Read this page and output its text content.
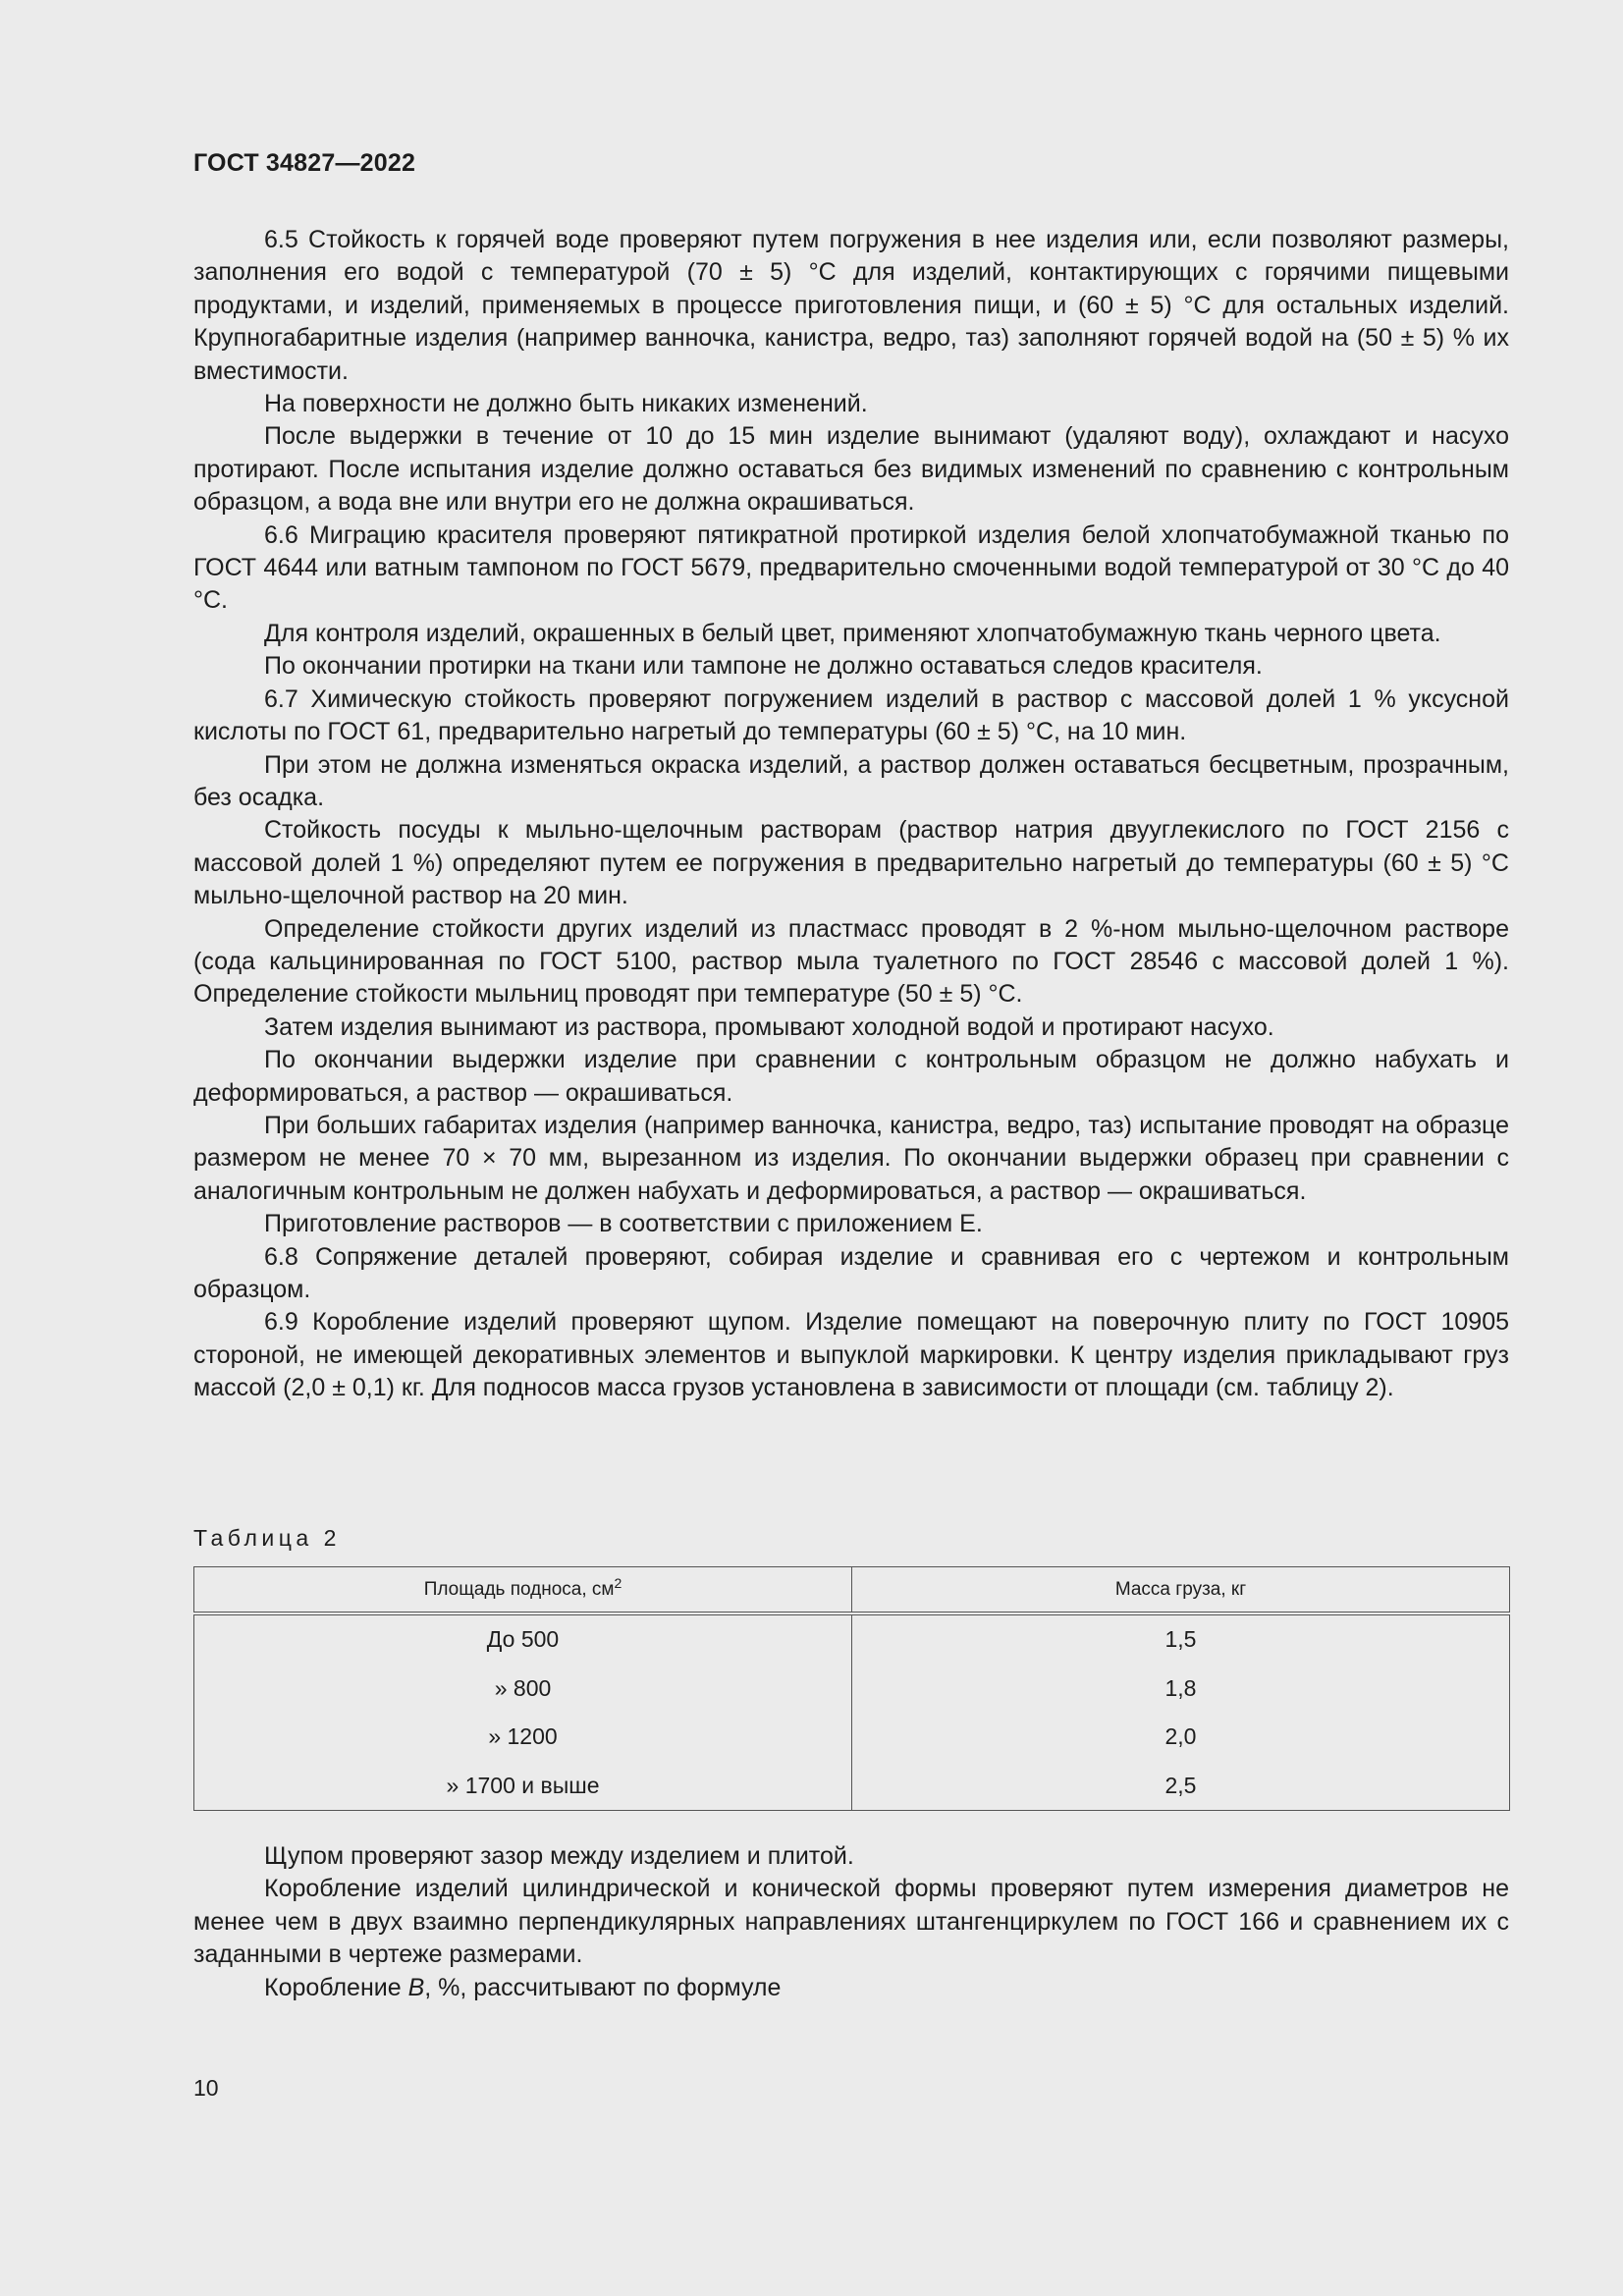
ГОСТ 34827—2022

6.5 Стойкость к горячей воде проверяют путем погружения в нее изделия или, если позволяют размеры, заполнения его водой с температурой (70 ± 5) °С для изделий, контактирующих с горячими пищевыми продуктами, и изделий, применяемых в процессе приготовления пищи, и (60 ± 5) °С для остальных изделий. Крупногабаритные изделия (например ванночка, канистра, ведро, таз) заполняют горячей водой на (50 ± 5) % их вместимости.

На поверхности не должно быть никаких изменений.

После выдержки в течение от 10 до 15 мин изделие вынимают (удаляют воду), охлаждают и насухо протирают. После испытания изделие должно оставаться без видимых изменений по сравнению с контрольным образцом, а вода вне или внутри его не должна окрашиваться.

6.6 Миграцию красителя проверяют пятикратной протиркой изделия белой хлопчатобумажной тканью по ГОСТ 4644 или ватным тампоном по ГОСТ 5679, предварительно смоченными водой температурой от 30 °С до 40 °С.

Для контроля изделий, окрашенных в белый цвет, применяют хлопчатобумажную ткань черного цвета.

По окончании протирки на ткани или тампоне не должно оставаться следов красителя.

6.7 Химическую стойкость проверяют погружением изделий в раствор с массовой долей 1 % уксусной кислоты по ГОСТ 61, предварительно нагретый до температуры (60 ± 5) °С, на 10 мин.

При этом не должна изменяться окраска изделий, а раствор должен оставаться бесцветным, прозрачным, без осадка.

Стойкость посуды к мыльно-щелочным растворам (раствор натрия двууглекислого по ГОСТ 2156 с массовой долей 1 %) определяют путем ее погружения в предварительно нагретый до температуры (60 ± 5) °С мыльно-щелочной раствор на 20 мин.

Определение стойкости других изделий из пластмасс проводят в 2 %-ном мыльно-щелочном растворе (сода кальцинированная по ГОСТ 5100, раствор мыла туалетного по ГОСТ 28546 с массовой долей 1 %). Определение стойкости мыльниц проводят при температуре (50 ± 5) °С.

Затем изделия вынимают из раствора, промывают холодной водой и протирают насухо.

По окончании выдержки изделие при сравнении с контрольным образцом не должно набухать и деформироваться, а раствор — окрашиваться.

При больших габаритах изделия (например ванночка, канистра, ведро, таз) испытание проводят на образце размером не менее 70 × 70 мм, вырезанном из изделия. По окончании выдержки образец при сравнении с аналогичным контрольным не должен набухать и деформироваться, а раствор — окрашиваться.

Приготовление растворов — в соответствии с приложением Е.

6.8 Сопряжение деталей проверяют, собирая изделие и сравнивая его с чертежом и контрольным образцом.

6.9 Коробление изделий проверяют щупом. Изделие помещают на поверочную плиту по ГОСТ 10905 стороной, не имеющей декоративных элементов и выпуклой маркировки. К центру изделия прикладывают груз массой (2,0 ± 0,1) кг. Для подносов масса грузов установлена в зависимости от площади (см. таблицу 2).

Таблица 2
Площадь подноса, $см^2$	Масса груза, кг
До 500	1,5
» 800	1,8
» 1200	2,0
» 1700 и выше	2,5

Щупом проверяют зазор между изделием и плитой.

Коробление изделий цилиндрической и конической формы проверяют путем измерения диаметров не менее чем в двух взаимно перпендикулярных направлениях штангенциркулем по ГОСТ 166 и сравнением их с заданными в чертеже размерами.

Коробление B, %, рассчитывают по формуле

10
